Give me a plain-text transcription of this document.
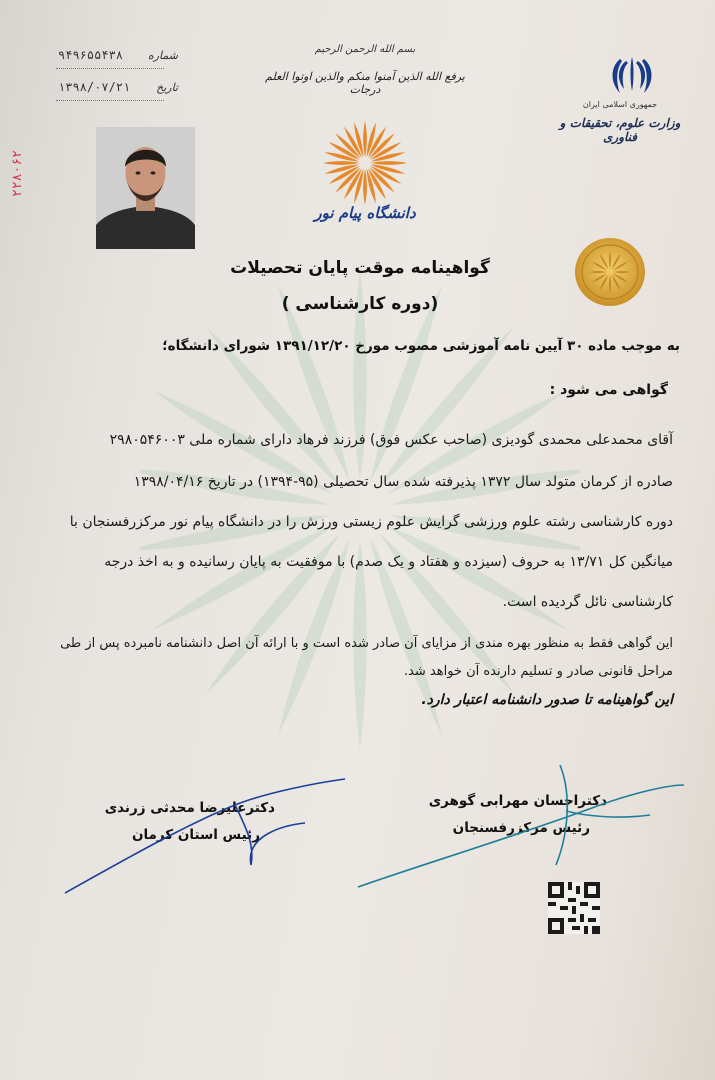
۹۴۹۶۵۵۴۳۸ شماره
۱۳۹۸/۰۷/۲۱ تاریخ
۲۲۸۰۶۲
بسم الله الرحمن الرحیم
یرفع الله الذین آمنوا منکم والذین اوتوا العلم درجات
دانشگاه پیام نور
جمهوری اسلامی ایران
وزارت علوم، تحقیقات و فناوری
گواهینامه موقت پایان تحصیلات
(دوره کارشناسی )
به موجب ماده ۳۰ آیین نامه آموزشی مصوب مورخ ۱۳۹۱/۱۲/۲۰ شورای دانشگاه؛
گواهی می شود :
آقای محمدعلی محمدی گودیزی (صاحب عکس فوق) فرزند فرهاد دارای شماره ملی ۲۹۸۰۵۴۶۰۰۳
صادره از کرمان متولد سال ۱۳۷۲ پذیرفته شده سال تحصیلی (۹۵-۱۳۹۴) در تاریخ ۱۳۹۸/۰۴/۱۶
دوره کارشناسی رشته علوم ورزشی گرایش علوم زیستی ورزش را در دانشگاه پیام نور مرکزرفسنجان با
میانگین کل ۱۳/۷۱ به حروف (سیزده و هفتاد و یک صدم) با موفقیت به پایان رسانیده و به اخذ درجه
کارشناسی نائل گردیده است.
این گواهی فقط به منظور بهره مندی از مزایای آن صادر شده است و با ارائه آن اصل دانشنامه نامبرده پس از طی
مراحل قانونی صادر و تسلیم دارنده آن خواهد شد.
این گواهینامه تا صدور دانشنامه اعتبار دارد.
دکتراحسان مهرابی گوهری
رئیس مرکزرفسنجان
دکترعلیرضا محدثی زرندی
رئیس استان کرمان
